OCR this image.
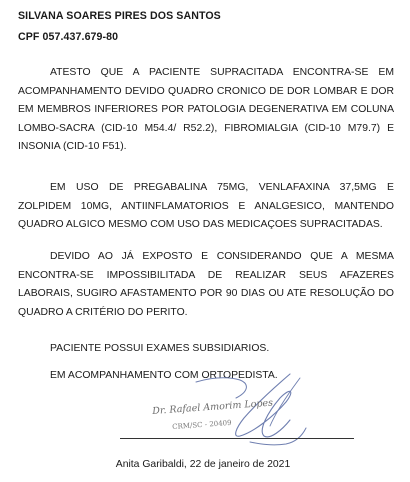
SILVANA SOARES PIRES DOS SANTOS
CPF 057.437.679-80

ATESTO QUE A PACIENTE SUPRACITADA ENCONTRA-SE EM ACOMPANHAMENTO DEVIDO QUADRO CRONICO DE DOR LOMBAR E DOR EM MEMBROS INFERIORES POR PATOLOGIA DEGENERATIVA EM COLUNA LOMBO-SACRA (CID-10 M54.4/ R52.2), FIBROMIALGIA (CID-10 M79.7) E INSONIA (CID-10 F51).

EM USO DE PREGABALINA 75MG, VENLAFAXINA 37,5MG E ZOLPIDEM 10MG, ANTIINFLAMATORIOS E ANALGESICO, MANTENDO QUADRO ALGICO MESMO COM USO DAS MEDICAÇOES SUPRACITADAS.

DEVIDO AO JÁ EXPOSTO E CONSIDERANDO QUE A MESMA ENCONTRA-SE IMPOSSIBILITADA DE REALIZAR SEUS AFAZERES LABORAIS, SUGIRO AFASTAMENTO POR 90 DIAS OU ATE RESOLUÇÃO DO QUADRO A CRITÉRIO DO PERITO.

PACIENTE POSSUI EXAMES SUBSIDIARIOS.

EM ACOMPANHAMENTO COM ORTOPEDISTA.

Dr. Rafael Amorim Lopes
CRM/SC - 20409
Anita Garibaldi, 22 de janeiro de 2021
